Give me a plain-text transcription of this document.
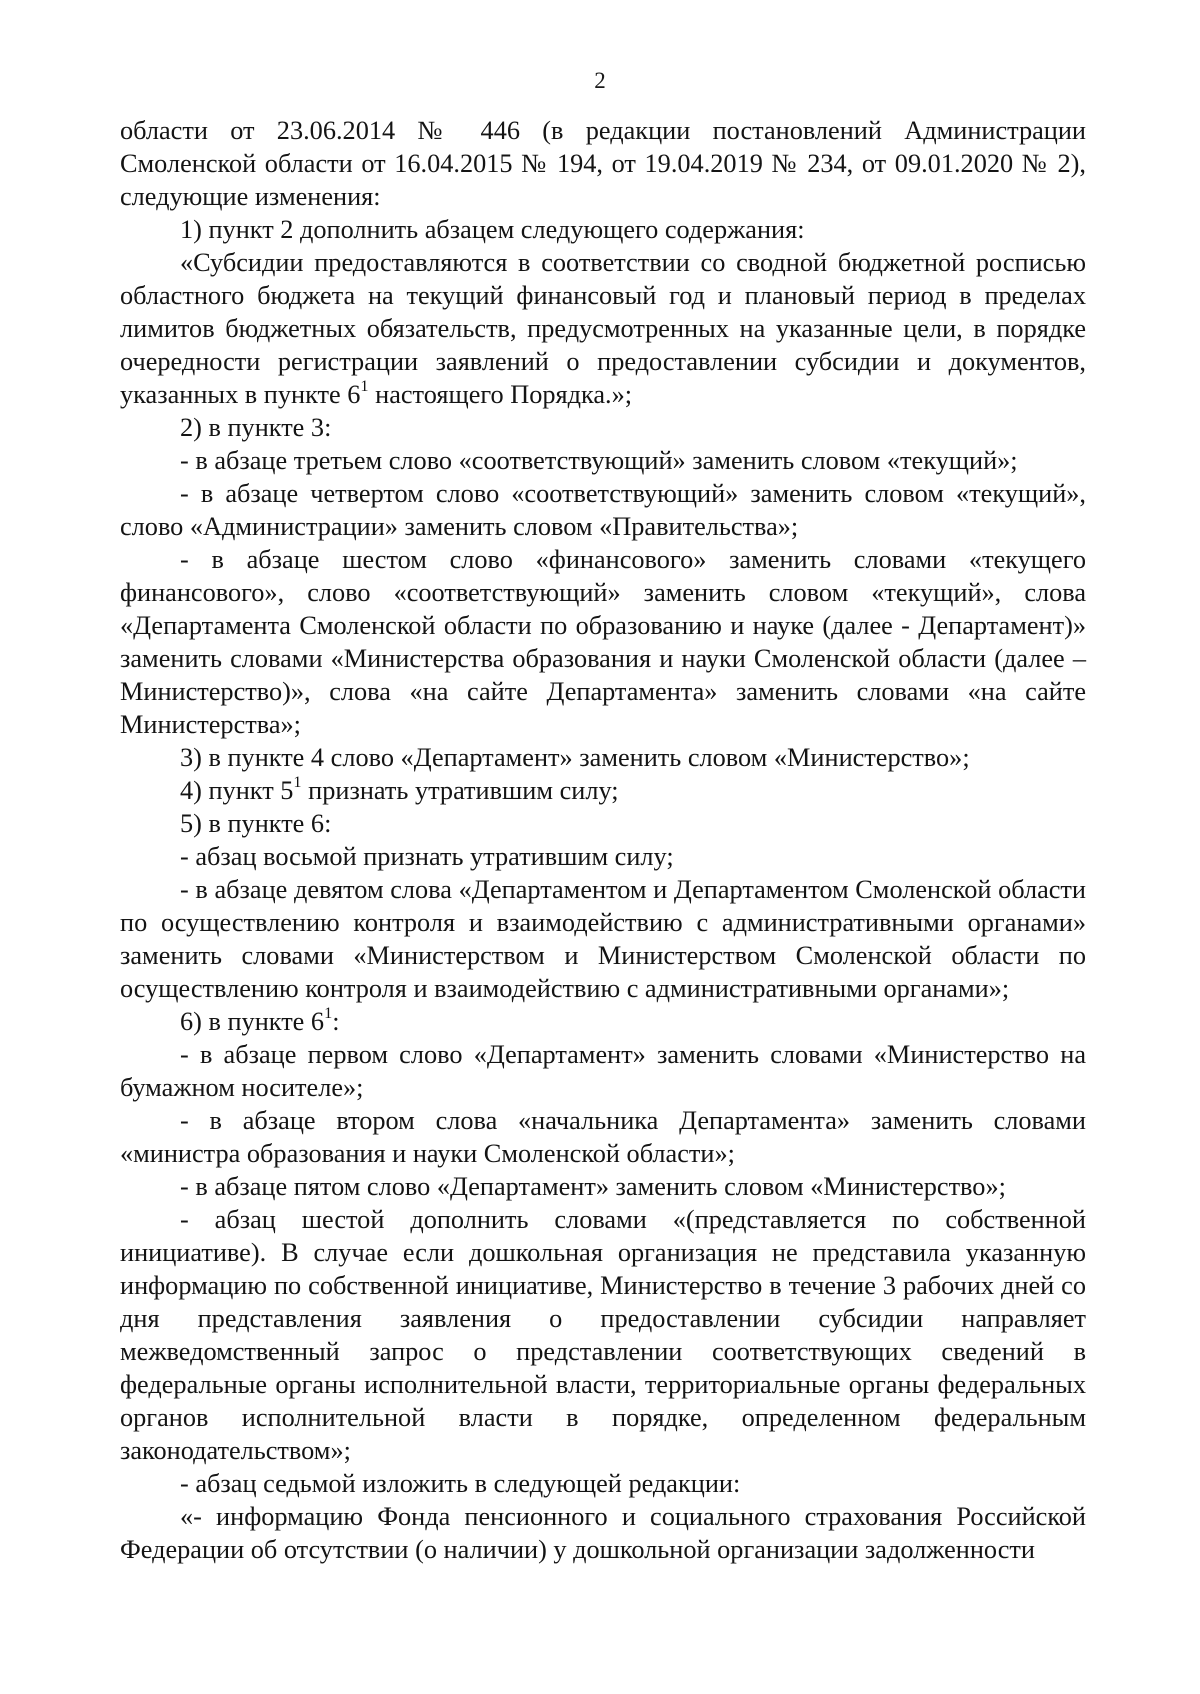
2

области от 23.06.2014 № 446 (в редакции постановлений Администрации Смоленской области от 16.04.2015 № 194, от 19.04.2019 № 234, от 09.01.2020 № 2), следующие изменения:

1) пункт 2 дополнить абзацем следующего содержания:

«Субсидии предоставляются в соответствии со сводной бюджетной росписью областного бюджета на текущий финансовый год и плановый период в пределах лимитов бюджетных обязательств, предусмотренных на указанные цели, в порядке очередности регистрации заявлений о предоставлении субсидии и документов, указанных в пункте $6^1$ настоящего Порядка.»;

2) в пункте 3:

- в абзаце третьем слово «соответствующий» заменить словом «текущий»;

- в абзаце четвертом слово «соответствующий» заменить словом «текущий», слово «Администрации» заменить словом «Правительства»;

- в абзаце шестом слово «финансового» заменить словами «текущего финансового», слово «соответствующий» заменить словом «текущий», слова «Департамента Смоленской области по образованию и науке (далее - Департамент)» заменить словами «Министерства образования и науки Смоленской области (далее – Министерство)», слова «на сайте Департамента» заменить словами «на сайте Министерства»;

3) в пункте 4 слово «Департамент» заменить словом «Министерство»;

4) пункт $5^1$ признать утратившим силу;

5) в пункте 6:

- абзац восьмой признать утратившим силу;

- в абзаце девятом слова «Департаментом и Департаментом Смоленской области по осуществлению контроля и взаимодействию с административными органами» заменить словами «Министерством и Министерством Смоленской области по осуществлению контроля и взаимодействию с административными органами»;

6) в пункте $6^1$:

- в абзаце первом слово «Департамент» заменить словами «Министерство на бумажном носителе»;

- в абзаце втором слова «начальника Департамента» заменить словами «министра образования и науки Смоленской области»;

- в абзаце пятом слово «Департамент» заменить словом «Министерство»;

- абзац шестой дополнить словами «(представляется по собственной инициативе). В случае если дошкольная организация не представила указанную информацию по собственной инициативе, Министерство в течение 3 рабочих дней со дня представления заявления о предоставлении субсидии направляет межведомственный запрос о представлении соответствующих сведений в федеральные органы исполнительной власти, территориальные органы федеральных органов исполнительной власти в порядке, определенном федеральным законодательством»;

- абзац седьмой изложить в следующей редакции:

«- информацию Фонда пенсионного и социального страхования Российской Федерации об отсутствии (о наличии) у дошкольной организации задолженности
